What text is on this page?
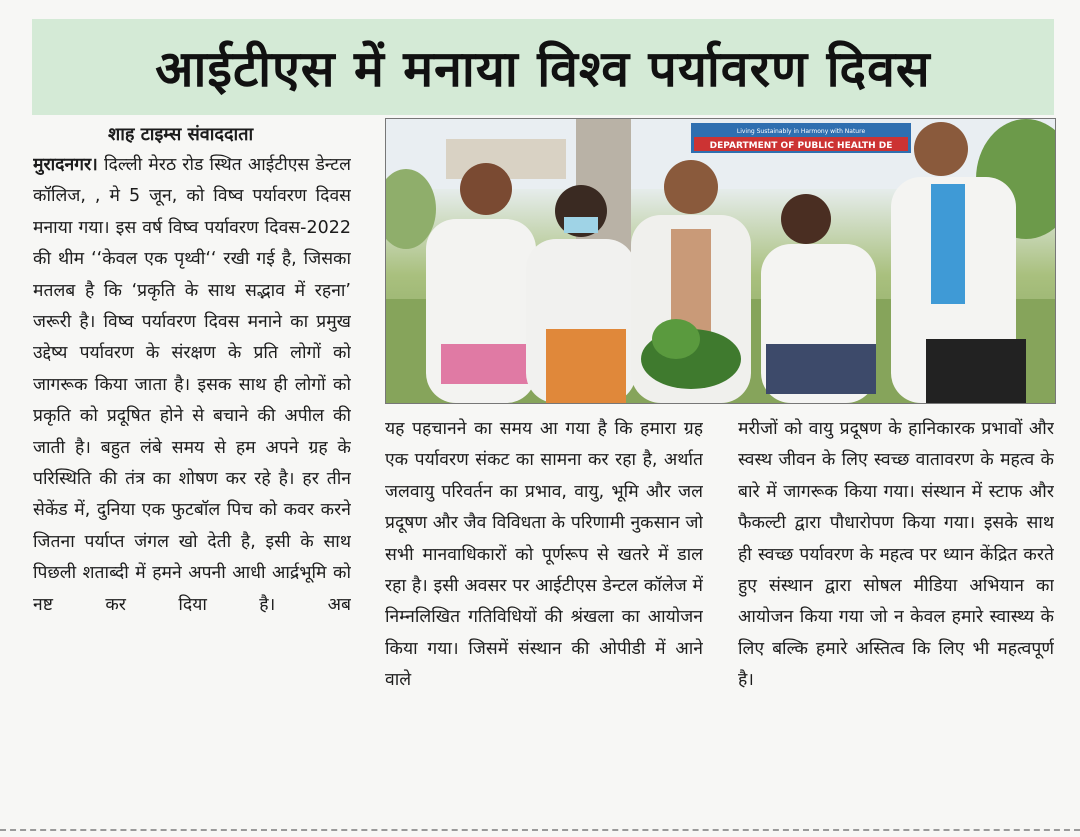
आईटीएस में मनाया विश्व पर्यावरण दिवस
शाह टाइम्स संवाददाता
मुरादनगर। दिल्ली मेरठ रोड स्थित आईटीएस डेन्टल कॉलिज, , मे 5 जून, को विष्व पर्यावरण दिवस मनाया गया। इस वर्ष विष्व पर्यावरण दिवस-2022 की थीम ‘‘केवल एक पृथ्वी‘‘ रखी गई है, जिसका मतलब है कि ‘प्रकृति के साथ सद्भाव में रहना’ जरूरी है। विष्व पर्यावरण दिवस मनाने का प्रमुख उद्देष्य पर्यावरण के संरक्षण के प्रति लोगों को जागरूक किया जाता है। इसक साथ ही लोगों को प्रकृति को प्रदूषित होने से बचाने की अपील की जाती है। बहुत लंबे समय से हम अपने ग्रह के परिस्थिति की तंत्र का शोषण कर रहे है। हर तीन सेकेंड में, दुनिया एक फुटबॉल पिच को कवर करने जितना पर्याप्त जंगल खो देती है, इसी के साथ पिछली शताब्दी में हमने अपनी आधी आर्द्रभूमि को नष्ट कर दिया है। अब
Living Sustainably in Harmony with Nature
DEPARTMENT OF PUBLIC HEALTH DE
यह पहचानने का समय आ गया है कि हमारा ग्रह एक पर्यावरण संकट का सामना कर रहा है, अर्थात जलवायु परिवर्तन का प्रभाव, वायु, भूमि और जल प्रदूषण और जैव विविधता के परिणामी नुकसान जो सभी मानवाधिकारों को पूर्णरूप से खतरे में डाल रहा है। इसी अवसर पर आईटीएस डेन्टल कॉलेज में निम्नलिखित गतिविधियों की श्रंखला का आयोजन किया गया। जिसमें संस्थान की ओपीडी में आने वाले
मरीजों को वायु प्रदूषण के हानिकारक प्रभावों और स्वस्थ जीवन के लिए स्वच्छ वातावरण के महत्व के बारे में जागरूक किया गया। संस्थान में स्टाफ और फैकल्टी द्वारा पौधारोपण किया गया। इसके साथ ही स्वच्छ पर्यावरण के महत्व पर ध्यान केंद्रित करते हुए संस्थान द्वारा सोषल मीडिया अभियान का आयोजन किया गया जो न केवल हमारे स्वास्थ्य के लिए बल्कि हमारे अस्तित्व कि लिए भी महत्वपूर्ण है।
